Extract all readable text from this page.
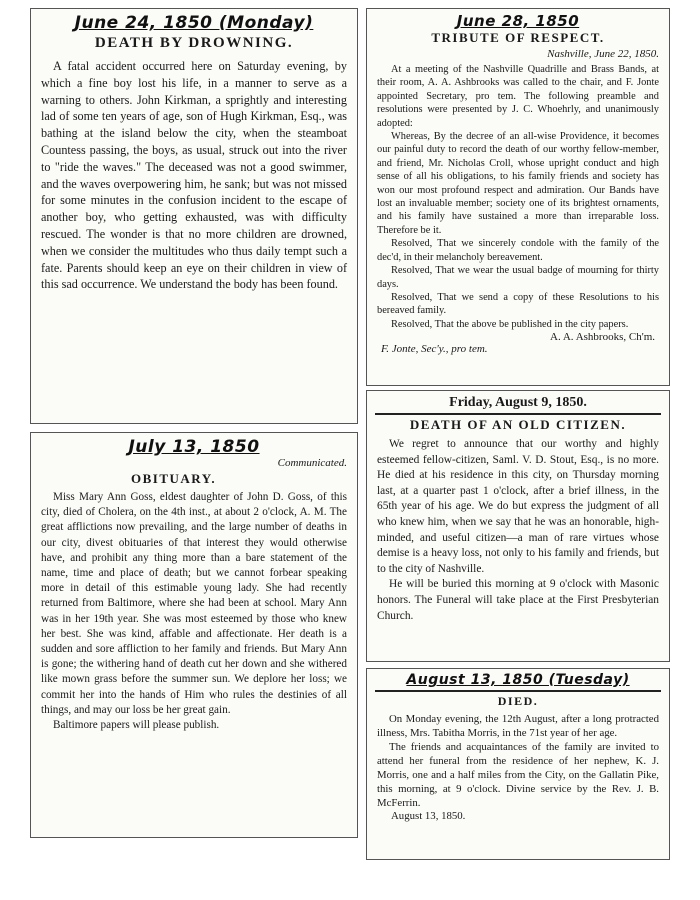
June 24, 1850 (Monday)
DEATH BY DROWNING.

A fatal accident occurred here on Saturday evening, by which a fine boy lost his life, in a manner to serve as a warning to others. John Kirkman, a sprightly and interesting lad of some ten years of age, son of Hugh Kirkman, Esq., was bathing at the island below the city, when the steamboat Countess passing, the boys, as usual, struck out into the river to "ride the waves." The deceased was not a good swimmer, and the waves overpowering him, he sank; but was not missed for some minutes in the confusion incident to the escape of another boy, who getting exhausted, was with difficulty rescued. The wonder is that no more children are drowned, when we consider the multitudes who thus daily tempt such a fate. Parents should keep an eye on their children in view of this sad occurrence. We understand the body has been found.

June 28, 1850
TRIBUTE OF RESPECT.
Nashville, June 22, 1850.

At a meeting of the Nashville Quadrille and Brass Bands, at their room, A. A. Ashbrooks was called to the chair, and F. Jonte appointed Secretary, pro tem. The following preamble and resolutions were presented by J. C. Whoehrly, and unanimously adopted:

Whereas, By the decree of an all-wise Providence, it becomes our painful duty to record the death of our worthy fellow-member, and friend, Mr. Nicholas Croll, whose upright conduct and high sense of all his obligations, to his family friends and society has won our most profound respect and admiration. Our Bands have lost an invaluable member; society one of its brightest ornaments, and his family have sustained a more than irreparable loss. Therefore be it.

Resolved, That we sincerely condole with the family of the dec'd, in their melancholy bereavement.

Resolved, That we wear the usual badge of mourning for thirty days.

Resolved, That we send a copy of these Resolutions to his bereaved family.

Resolved, That the above be published in the city papers.

A. A. Ashbrooks, Ch'm.
F. Jonte, Sec'y., pro tem.
Friday, August 9, 1850.
DEATH OF AN OLD CITIZEN.

We regret to announce that our worthy and highly esteemed fellow-citizen, Saml. V. D. Stout, Esq., is no more. He died at his residence in this city, on Thursday morning last, at a quarter past 1 o'clock, after a brief illness, in the 65th year of his age. We do but express the judgment of all who knew him, when we say that he was an honorable, high-minded, and useful citizen—a man of rare virtues whose demise is a heavy loss, not only to his family and friends, but to the city of Nashville.

He will be buried this morning at 9 o'clock with Masonic honors. The Funeral will take place at the First Presbyterian Church.

July 13, 1850
Communicated.
OBITUARY.

Miss Mary Ann Goss, eldest daughter of John D. Goss, of this city, died of Cholera, on the 4th inst., at about 2 o'clock, A. M. The great afflictions now prevailing, and the large number of deaths in our city, divest obituaries of that interest they would otherwise have, and prohibit any thing more than a bare statement of the name, time and place of death; but we cannot forbear speaking more in detail of this estimable young lady. She had recently returned from Baltimore, where she had been at school. Mary Ann was in her 19th year. She was most esteemed by those who knew her best. She was kind, affable and affectionate. Her death is a sudden and sore affliction to her family and friends. But Mary Ann is gone; the withering hand of death cut her down and she withered like mown grass before the summer sun. We deplore her loss; we commit her into the hands of Him who rules the destinies of all things, and may our loss be her great gain.

Baltimore papers will please publish.

August 13, 1850 (Tuesday)
DIED.

On Monday evening, the 12th August, after a long protracted illness, Mrs. Tabitha Morris, in the 71st year of her age.

The friends and acquaintances of the family are invited to attend her funeral from the residence of her nephew, K. J. Morris, one and a half miles from the City, on the Gallatin Pike, this morning, at 9 o'clock. Divine service by the Rev. J. B. McFerrin.

August 13, 1850.
